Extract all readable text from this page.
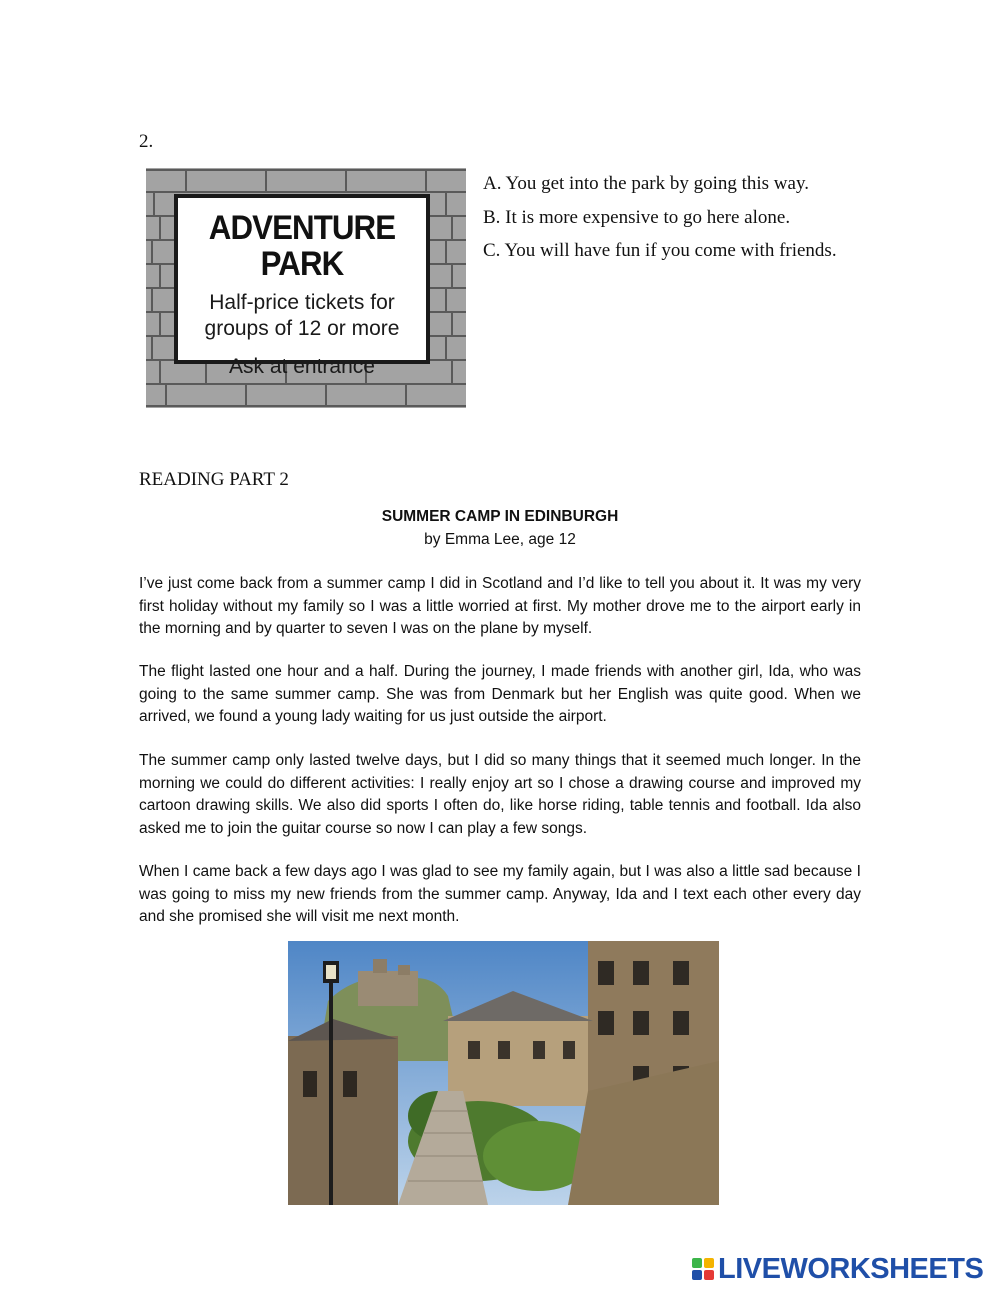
2.
ADVENTURE PARK
Half-price tickets for
groups of 12 or more
Ask at entrance
A. You get into the park by going this way.
B. It is more expensive to go here alone.
C. You will have fun if you come with friends.
READING PART 2
SUMMER CAMP IN EDINBURGH
by Emma Lee, age 12
I’ve just come back from a summer camp I did in Scotland and I’d like to tell you about it. It was my very first holiday without my family so I was a little worried at first. My mother drove me to the airport early in the morning and by quarter to seven I was on the plane by myself.
The flight lasted one hour and a half. During the journey, I made friends with another girl, Ida, who was going to the same summer camp. She was from Denmark but her English was quite good. When we arrived, we found a young lady waiting for us just outside the airport.
The summer camp only lasted twelve days, but I did so many things that it seemed much longer. In the morning we could do different activities: I really enjoy art so I chose a drawing course and improved my cartoon drawing skills. We also did sports I often do, like horse riding, table tennis and football. Ida also asked me to join the guitar course so now I can play a few songs.
When I came back a few days ago I was glad to see my family again, but I was also a little sad because I was going to miss my new friends from the summer camp. Anyway, Ida and I text each other every day and she promised she will visit me next month.
LIVEWORKSHEETS
